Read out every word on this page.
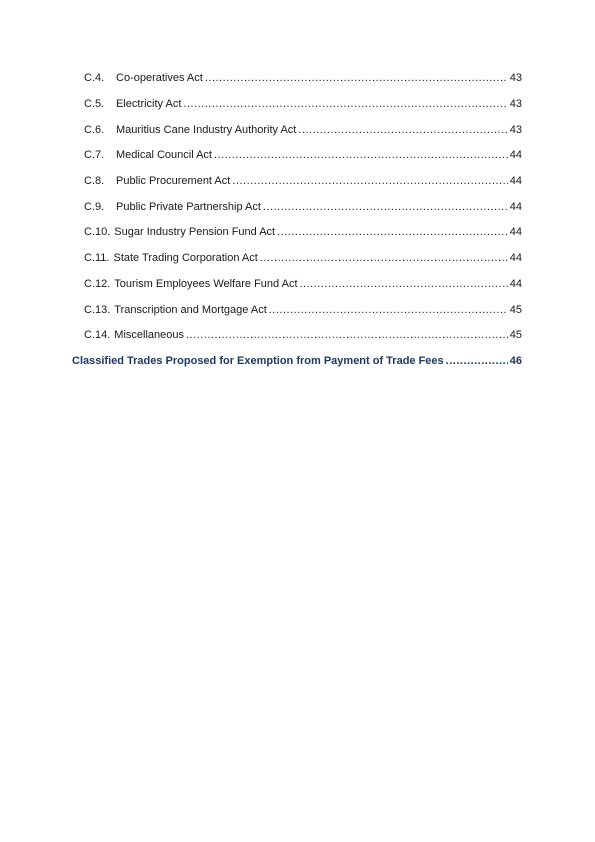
C.4.	Co-operatives Act .....	43
C.5.	Electricity Act .....	43
C.6.	Mauritius Cane Industry Authority Act .....	43
C.7.	Medical Council Act .....	44
C.8.	Public Procurement Act .....	44
C.9.	Public Private Partnership Act .....	44
C.10. Sugar Industry Pension Fund Act .....	44
C.11. State Trading Corporation Act .....	44
C.12. Tourism Employees Welfare Fund Act .....	44
C.13. Transcription and Mortgage Act .....	45
C.14. Miscellaneous .....	45
Classified Trades Proposed for Exemption from Payment of Trade Fees .....	46
